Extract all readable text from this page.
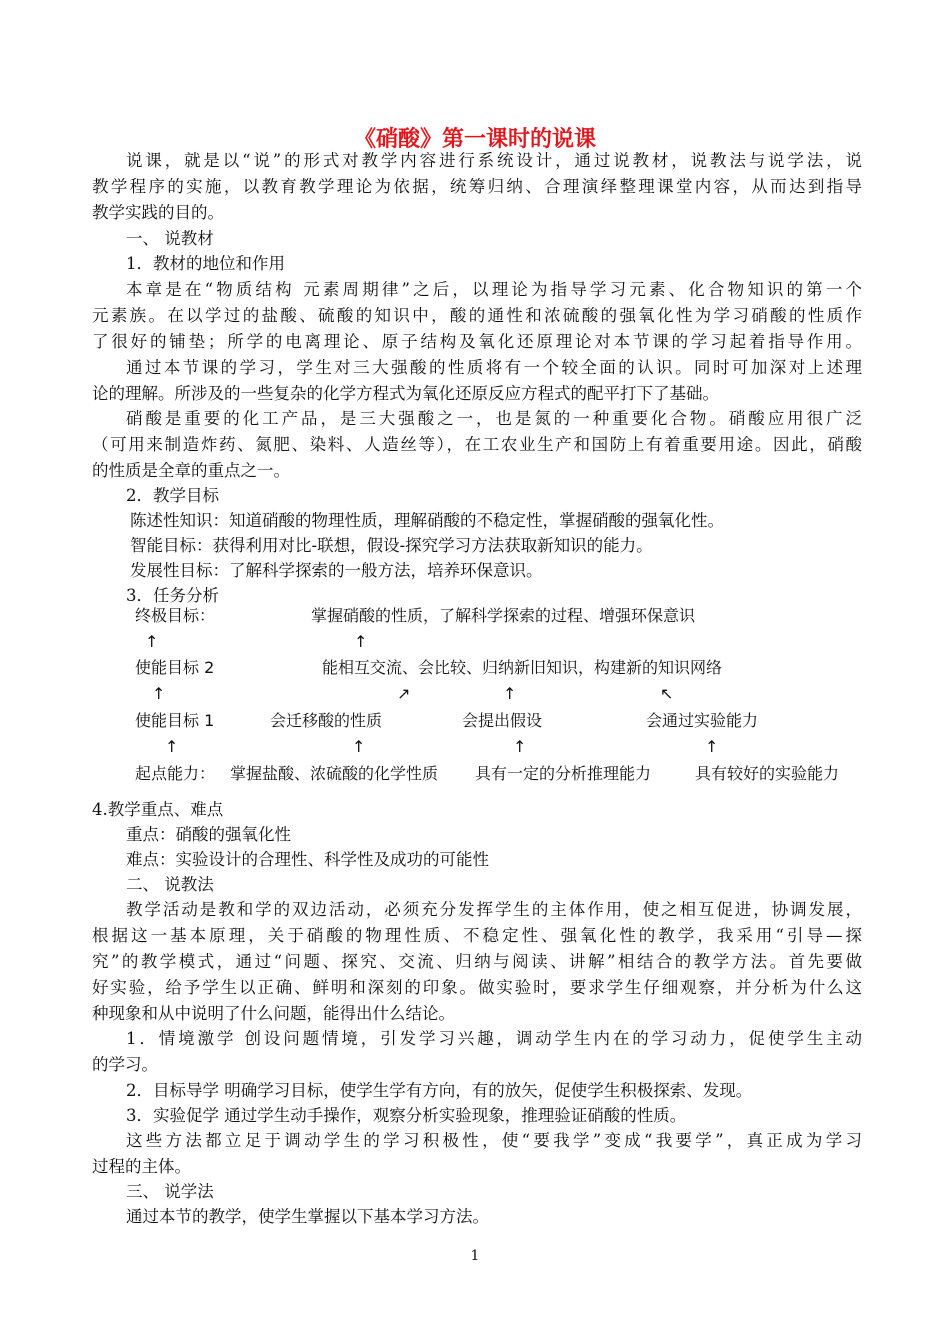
《硝酸》第一课时的说课
说课，就是以“说”的形式对教学内容进行系统设计，通过说教材，说教法与说学法，说
教学程序的实施，以教育教学理论为依据，统筹归纳、合理演绎整理课堂内容，从而达到指导
教学实践的目的。
一、 说教材
1．教材的地位和作用
本章是在“物质结构 元素周期律”之后，以理论为指导学习元素、化合物知识的第一个
元素族。在以学过的盐酸、硫酸的知识中，酸的通性和浓硫酸的强氧化性为学习硝酸的性质作
了很好的铺垫；所学的电离理论、原子结构及氧化还原理论对本节课的学习起着指导作用。
通过本节课的学习，学生对三大强酸的性质将有一个较全面的认识。同时可加深对上述理
论的理解。所涉及的一些复杂的化学方程式为氧化还原反应方程式的配平打下了基础。
硝酸是重要的化工产品，是三大强酸之一，也是氮的一种重要化合物。硝酸应用很广泛
（可用来制造炸药、氮肥、染料、人造丝等），在工农业生产和国防上有着重要用途。因此，硝酸
的性质是全章的重点之一。
2．教学目标
陈述性知识：知道硝酸的物理性质，理解硝酸的不稳定性，掌握硝酸的强氧化性。
智能目标：获得利用对比-联想，假设-探究学习方法获取新知识的能力。
发展性目标：了解科学探索的一般方法，培养环保意识。
3．任务分析
终极目标：	掌握硝酸的性质，了解科学探索的过程、增强环保意识
↑	↑
使能目标 2	能相互交流、会比较、归纳新旧知识，构建新的知识网络
↑	↗	↑	↖
使能目标 1	会迁移酸的性质	会提出假设	会通过实验能力
↑	↑	↑	↑
起点能力： 掌握盐酸、浓硫酸的化学性质 具有一定的分析推理能力	具有较好的实验能力
4.教学重点、难点
重点：硝酸的强氧化性
难点：实验设计的合理性、科学性及成功的可能性
二、 说教法
教学活动是教和学的双边活动，必须充分发挥学生的主体作用，使之相互促进，协调发展，
根据这一基本原理，关于硝酸的物理性质、不稳定性、强氧化性的教学，我采用“引导—探
究”的教学模式，通过“问题、探究、交流、归纳与阅读、讲解”相结合的教学方法。首先要做
好实验，给予学生以正确、鲜明和深刻的印象。做实验时，要求学生仔细观察，并分析为什么这
种现象和从中说明了什么问题，能得出什么结论。
1．情境激学 创设问题情境，引发学习兴趣，调动学生内在的学习动力，促使学生主动
的学习。
2．目标导学 明确学习目标，使学生学有方向，有的放矢，促使学生积极探索、发现。
3．实验促学 通过学生动手操作，观察分析实验现象，推理验证硝酸的性质。
这些方法都立足于调动学生的学习积极性，使“要我学”变成“我要学”，真正成为学习
过程的主体。
三、 说学法
通过本节的教学，使学生掌握以下基本学习方法。
1
